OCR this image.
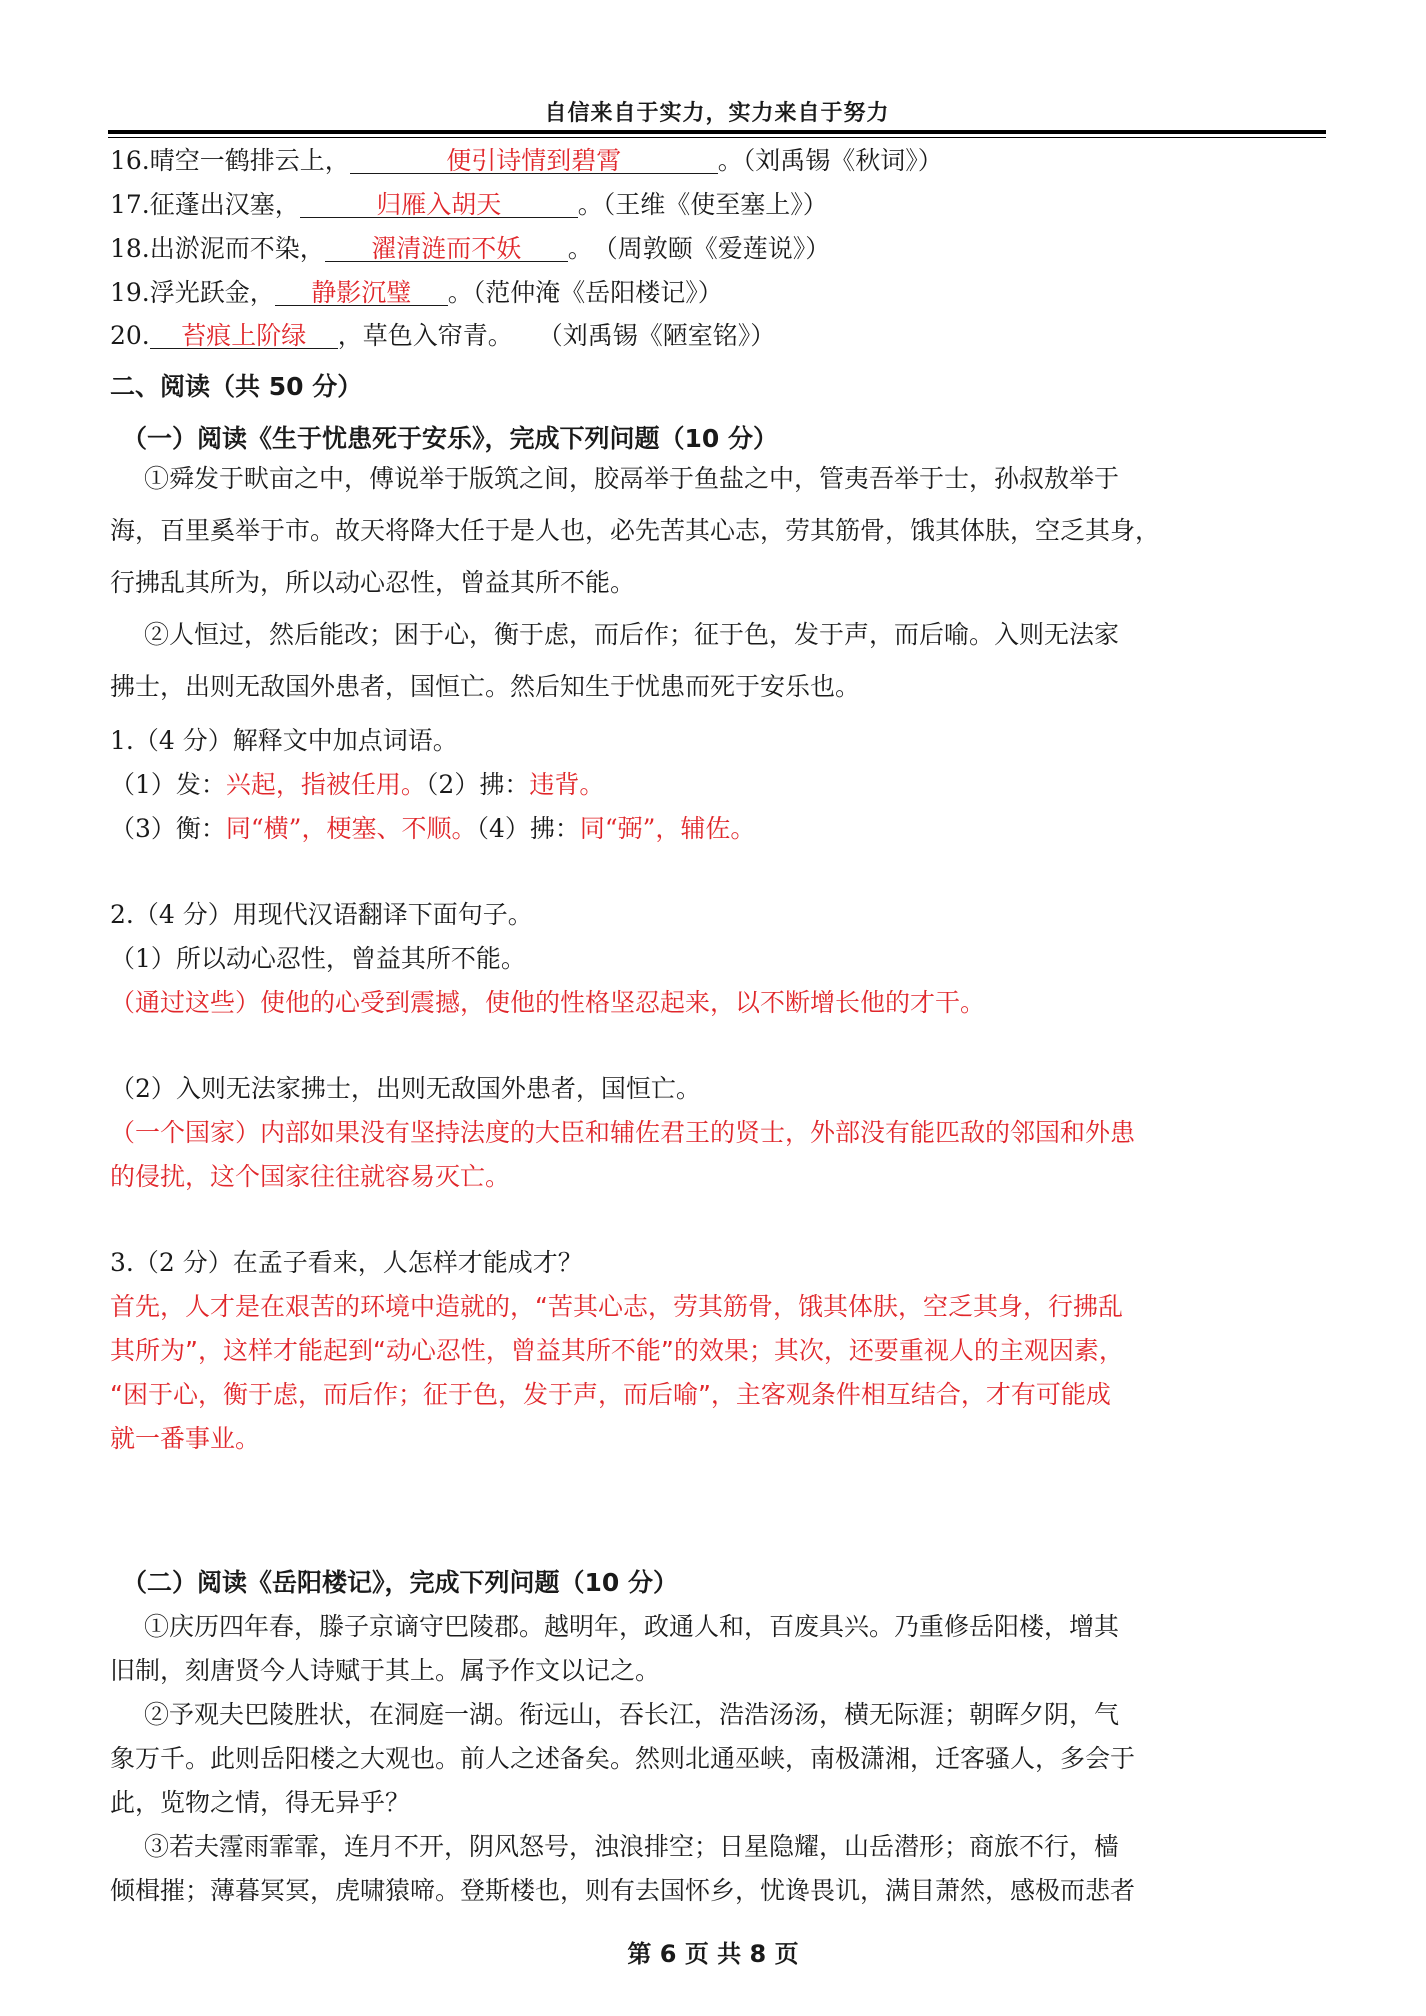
自信来自于实力，实力来自于努力
16.晴空一鹤排云上，	便引诗情到碧霄	。（刘禹锡《秋词》）
17.征蓬出汉塞，	归雁入胡天	。（王维《使至塞上》）
18.出淤泥而不染， 濯清涟而不妖 。　（周敦颐《爱莲说》）
19.浮光跃金， 静影沉璧 。（范仲淹《岳阳楼记》）
20. 苔痕上阶绿 ，草色入帘青。　　（刘禹锡《陋室铭》）
二、阅读（共 50 分）
（一）阅读《生于忧患死于安乐》，完成下列问题（10 分）
①舜发于畎亩之中，傅说举于版筑之间，胶鬲举于鱼盐之中，管夷吾举于士，孙叔敖举于
海，百里奚举于市。故天将降大任于是人也，必先苦其心志，劳其筋骨，饿其体肤，空乏其身，
行拂乱其所为，所以动心忍性，曾益其所不能。
②人恒过，然后能改；困于心，衡于虑，而后作；征于色，发于声，而后喻。入则无法家
拂士，出则无敌国外患者，国恒亡。然后知生于忧患而死于安乐也。
1.（4 分）解释文中加点词语。
（1）发：兴起，指被任用。（2）拂：违背。
（3）衡：同“横”，梗塞、不顺。（4）拂：同“弼”，辅佐。
2.（4 分）用现代汉语翻译下面句子。
（1）所以动心忍性，曾益其所不能。
（通过这些）使他的心受到震撼，使他的性格坚忍起来，以不断增长他的才干。
（2）入则无法家拂士，出则无敌国外患者，国恒亡。
（一个国家）内部如果没有坚持法度的大臣和辅佐君王的贤士，外部没有能匹敌的邻国和外患
的侵扰，这个国家往往就容易灭亡。
3.（2 分）在孟子看来，人怎样才能成才？
首先，人才是在艰苦的环境中造就的，“苦其心志，劳其筋骨，饿其体肤，空乏其身，行拂乱
其所为”，这样才能起到“动心忍性，曾益其所不能”的效果；其次，还要重视人的主观因素，
“困于心，衡于虑，而后作；征于色，发于声，而后喻”，主客观条件相互结合，才有可能成
就一番事业。
（二）阅读《岳阳楼记》，完成下列问题（10 分）
①庆历四年春，滕子京谪守巴陵郡。越明年，政通人和，百废具兴。乃重修岳阳楼，增其
旧制，刻唐贤今人诗赋于其上。属予作文以记之。
②予观夫巴陵胜状，在洞庭一湖。衔远山，吞长江，浩浩汤汤，横无际涯；朝晖夕阴，气
象万千。此则岳阳楼之大观也。前人之述备矣。然则北通巫峡，南极潇湘，迁客骚人，多会于
此，览物之情，得无异乎？
③若夫霪雨霏霏，连月不开，阴风怒号，浊浪排空；日星隐耀，山岳潜形；商旅不行，樯
倾楫摧；薄暮冥冥，虎啸猿啼。登斯楼也，则有去国怀乡，忧谗畏讥，满目萧然，感极而悲者
第 6 页 共 8 页
